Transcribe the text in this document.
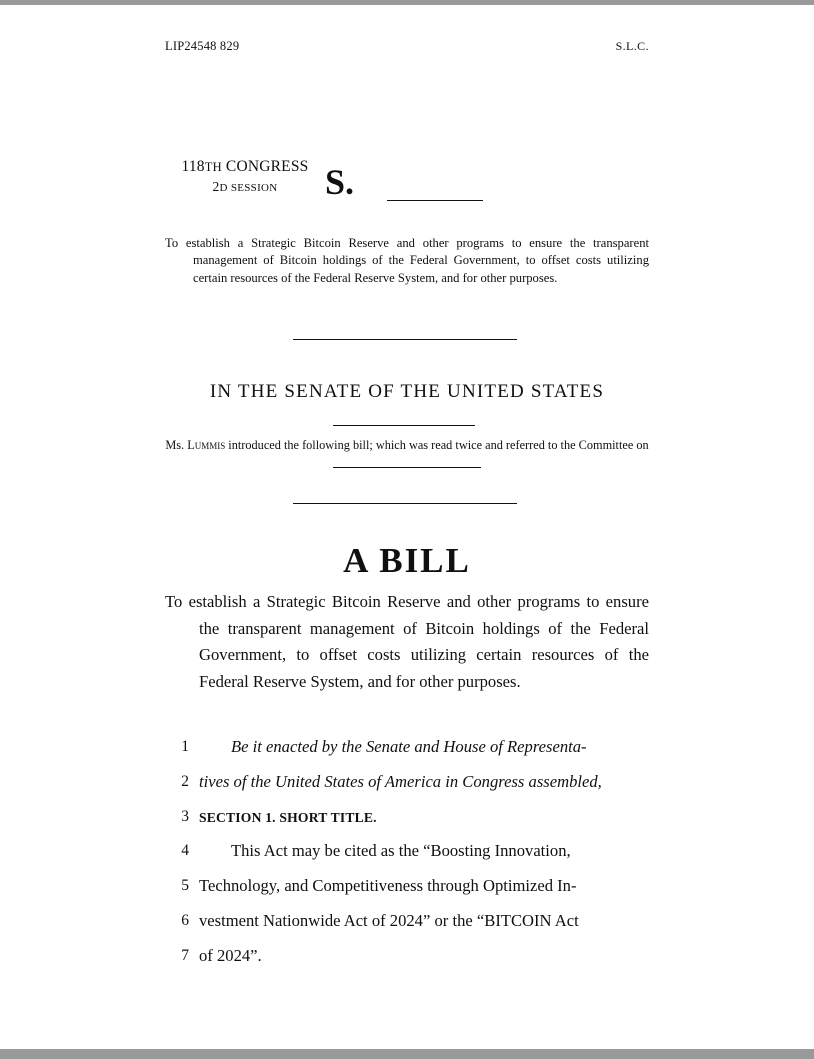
LIP24548 829	S.L.C.
118TH CONGRESS
2D SESSION	S.

To establish a Strategic Bitcoin Reserve and other programs to ensure the transparent management of Bitcoin holdings of the Federal Government, to offset costs utilizing certain resources of the Federal Reserve System, and for other purposes.

IN THE SENATE OF THE UNITED STATES
Ms. Lummis introduced the following bill; which was read twice and referred to the Committee on
A BILL

To establish a Strategic Bitcoin Reserve and other programs to ensure the transparent management of Bitcoin holdings of the Federal Government, to offset costs utilizing certain resources of the Federal Reserve System, and for other purposes.

1	Be it enacted by the Senate and House of Representa-
2 tives of the United States of America in Congress assembled,
3 SECTION 1. SHORT TITLE.
4	This Act may be cited as the “Boosting Innovation,
5 Technology, and Competitiveness through Optimized In-
6 vestment Nationwide Act of 2024” or the “BITCOIN Act
7 of 2024”.
